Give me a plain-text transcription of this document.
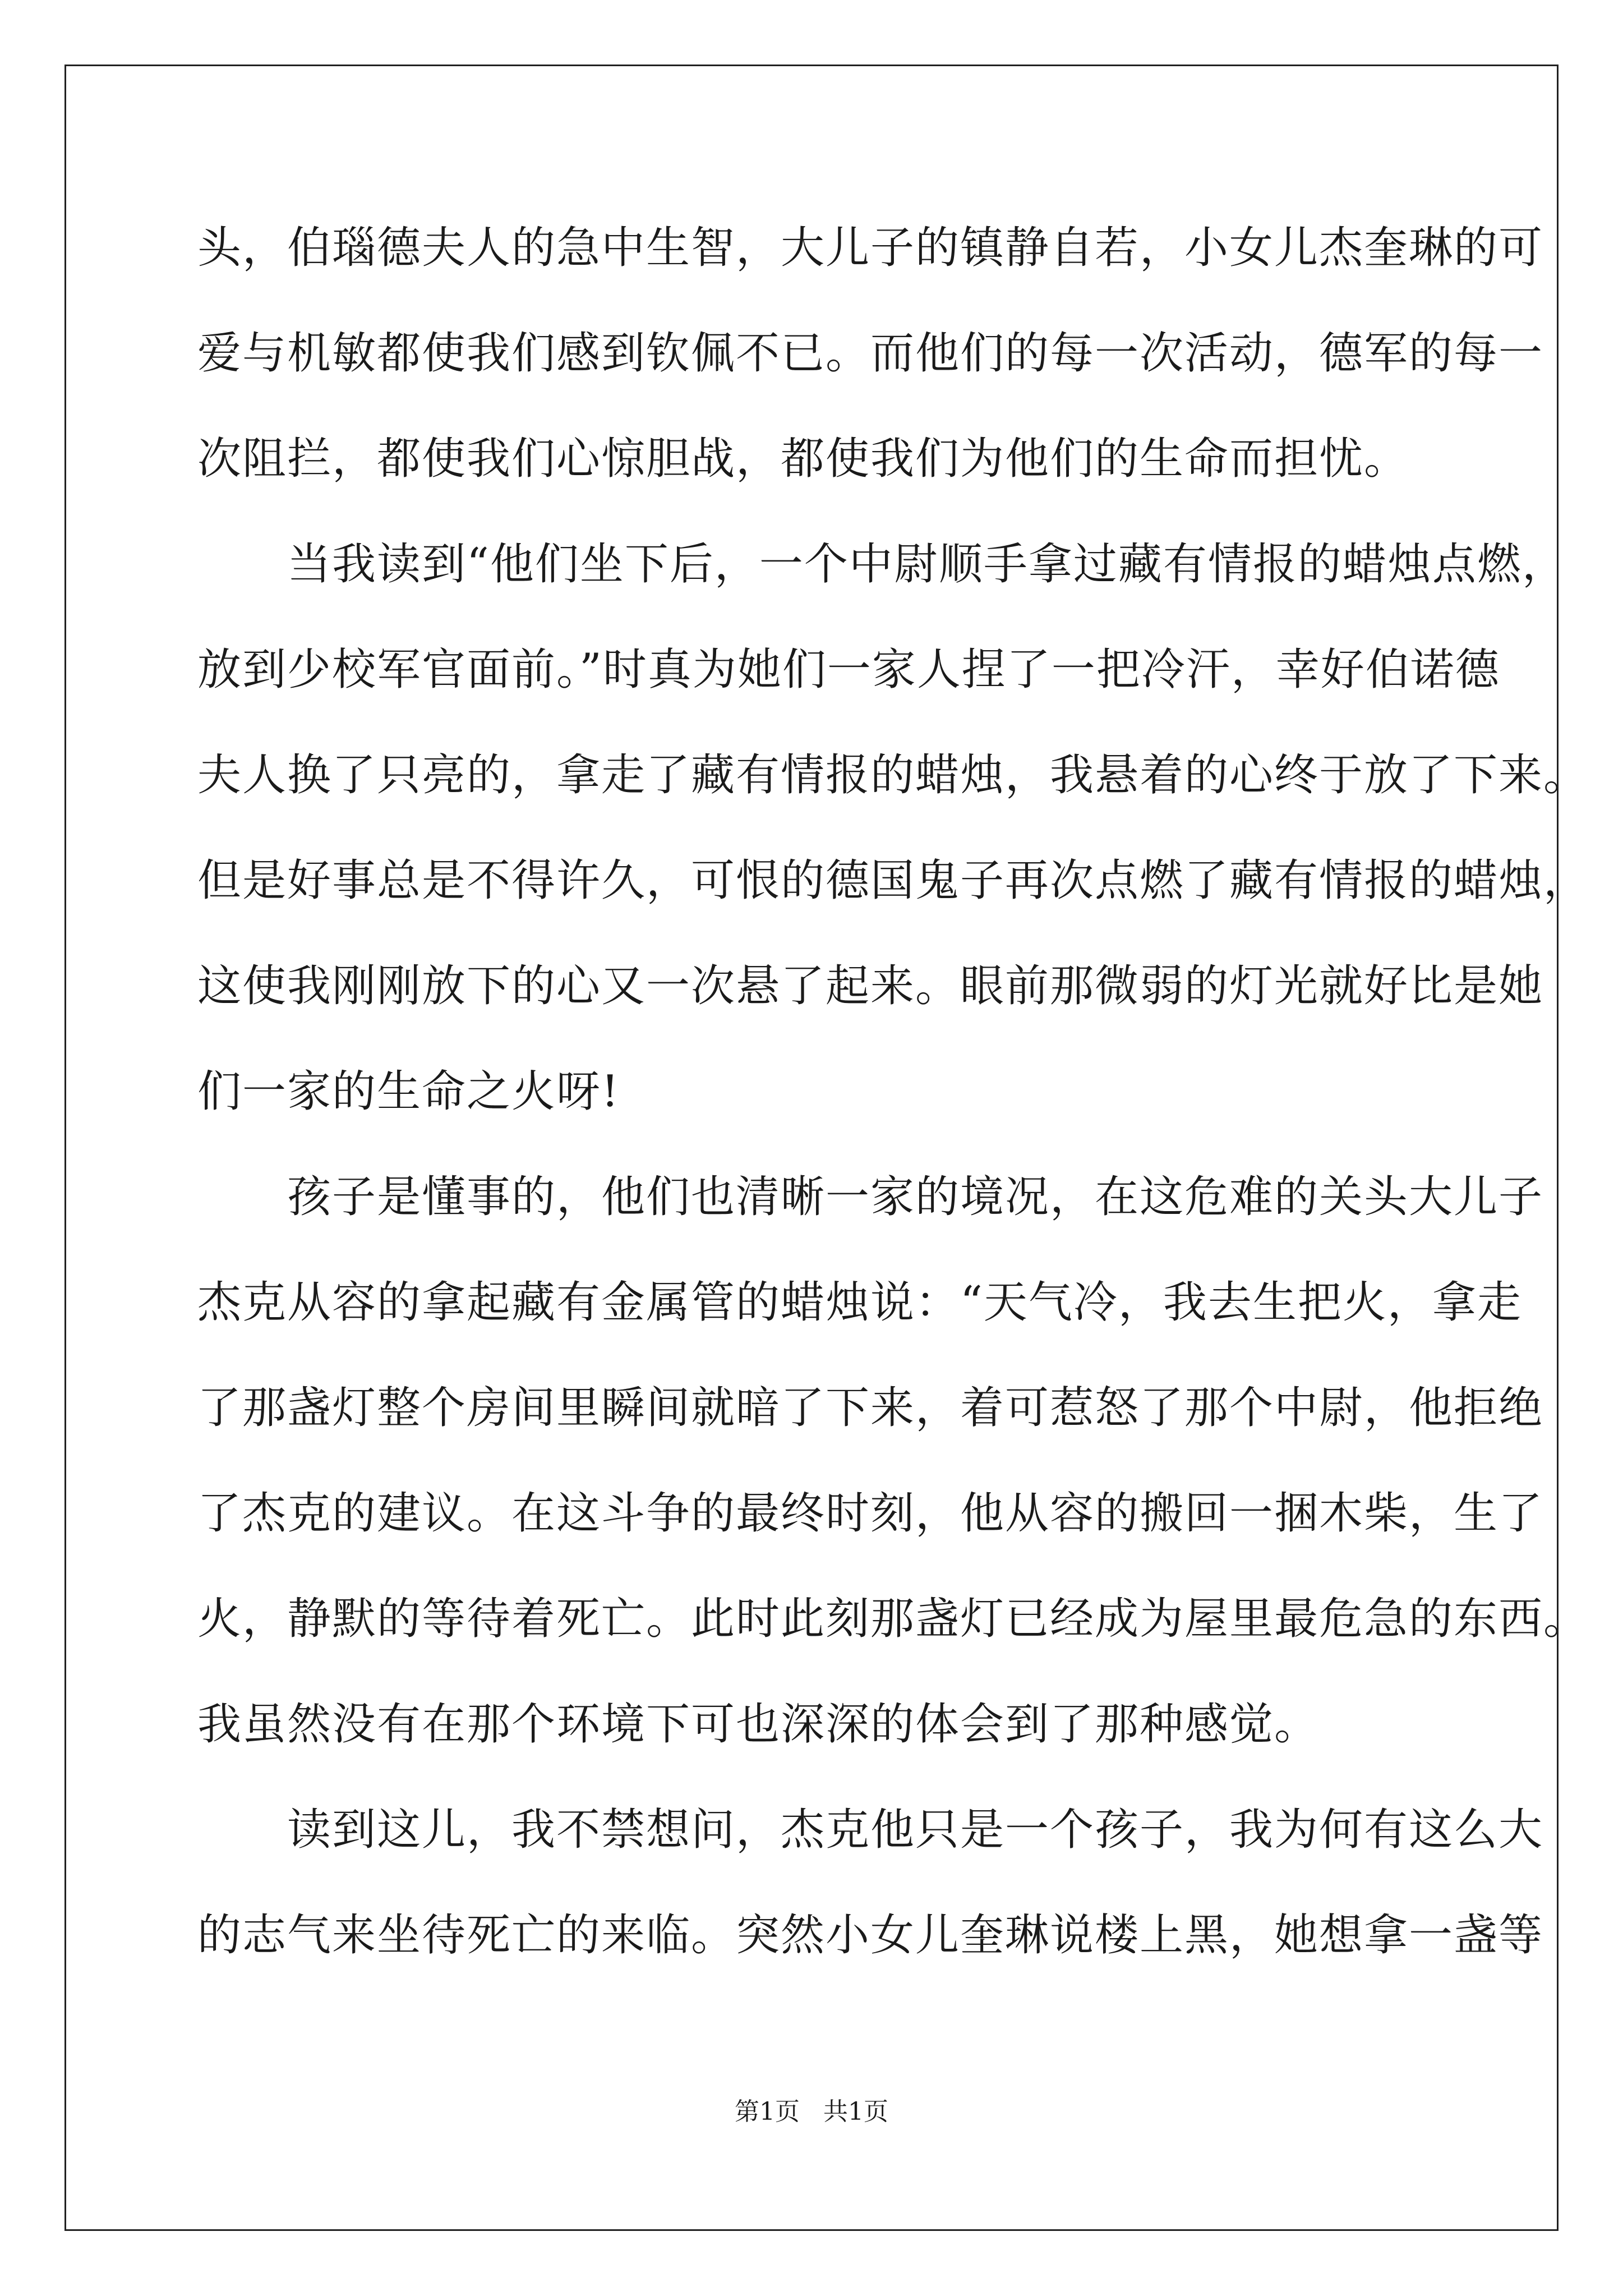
头，伯瑙德夫人的急中生智，大儿子的镇静自若，小女儿杰奎琳的可
爱与机敏都使我们感到钦佩不已。而他们的每一次活动，德军的每一
次阻拦，都使我们心惊胆战，都使我们为他们的生命而担忧。
　　当我读到“他们坐下后，一个中尉顺手拿过藏有情报的蜡烛点燃，
放到少校军官面前。”时真为她们一家人捏了一把冷汗，幸好伯诺德
夫人换了只亮的，拿走了藏有情报的蜡烛，我悬着的心终于放了下来。
但是好事总是不得许久，可恨的德国鬼子再次点燃了藏有情报的蜡烛，
这使我刚刚放下的心又一次悬了起来。眼前那微弱的灯光就好比是她
们一家的生命之火呀!
　　孩子是懂事的，他们也清晰一家的境况，在这危难的关头大儿子
杰克从容的拿起藏有金属管的蜡烛说：“天气冷，我去生把火，拿走
了那盏灯整个房间里瞬间就暗了下来，着可惹怒了那个中尉，他拒绝
了杰克的建议。在这斗争的最终时刻，他从容的搬回一捆木柴，生了
火，静默的等待着死亡。此时此刻那盏灯已经成为屋里最危急的东西。
我虽然没有在那个环境下可也深深的体会到了那种感觉。
　　读到这儿，我不禁想问，杰克他只是一个孩子，我为何有这么大
的志气来坐待死亡的来临。突然小女儿奎琳说楼上黑，她想拿一盏等
第1页 共1页
